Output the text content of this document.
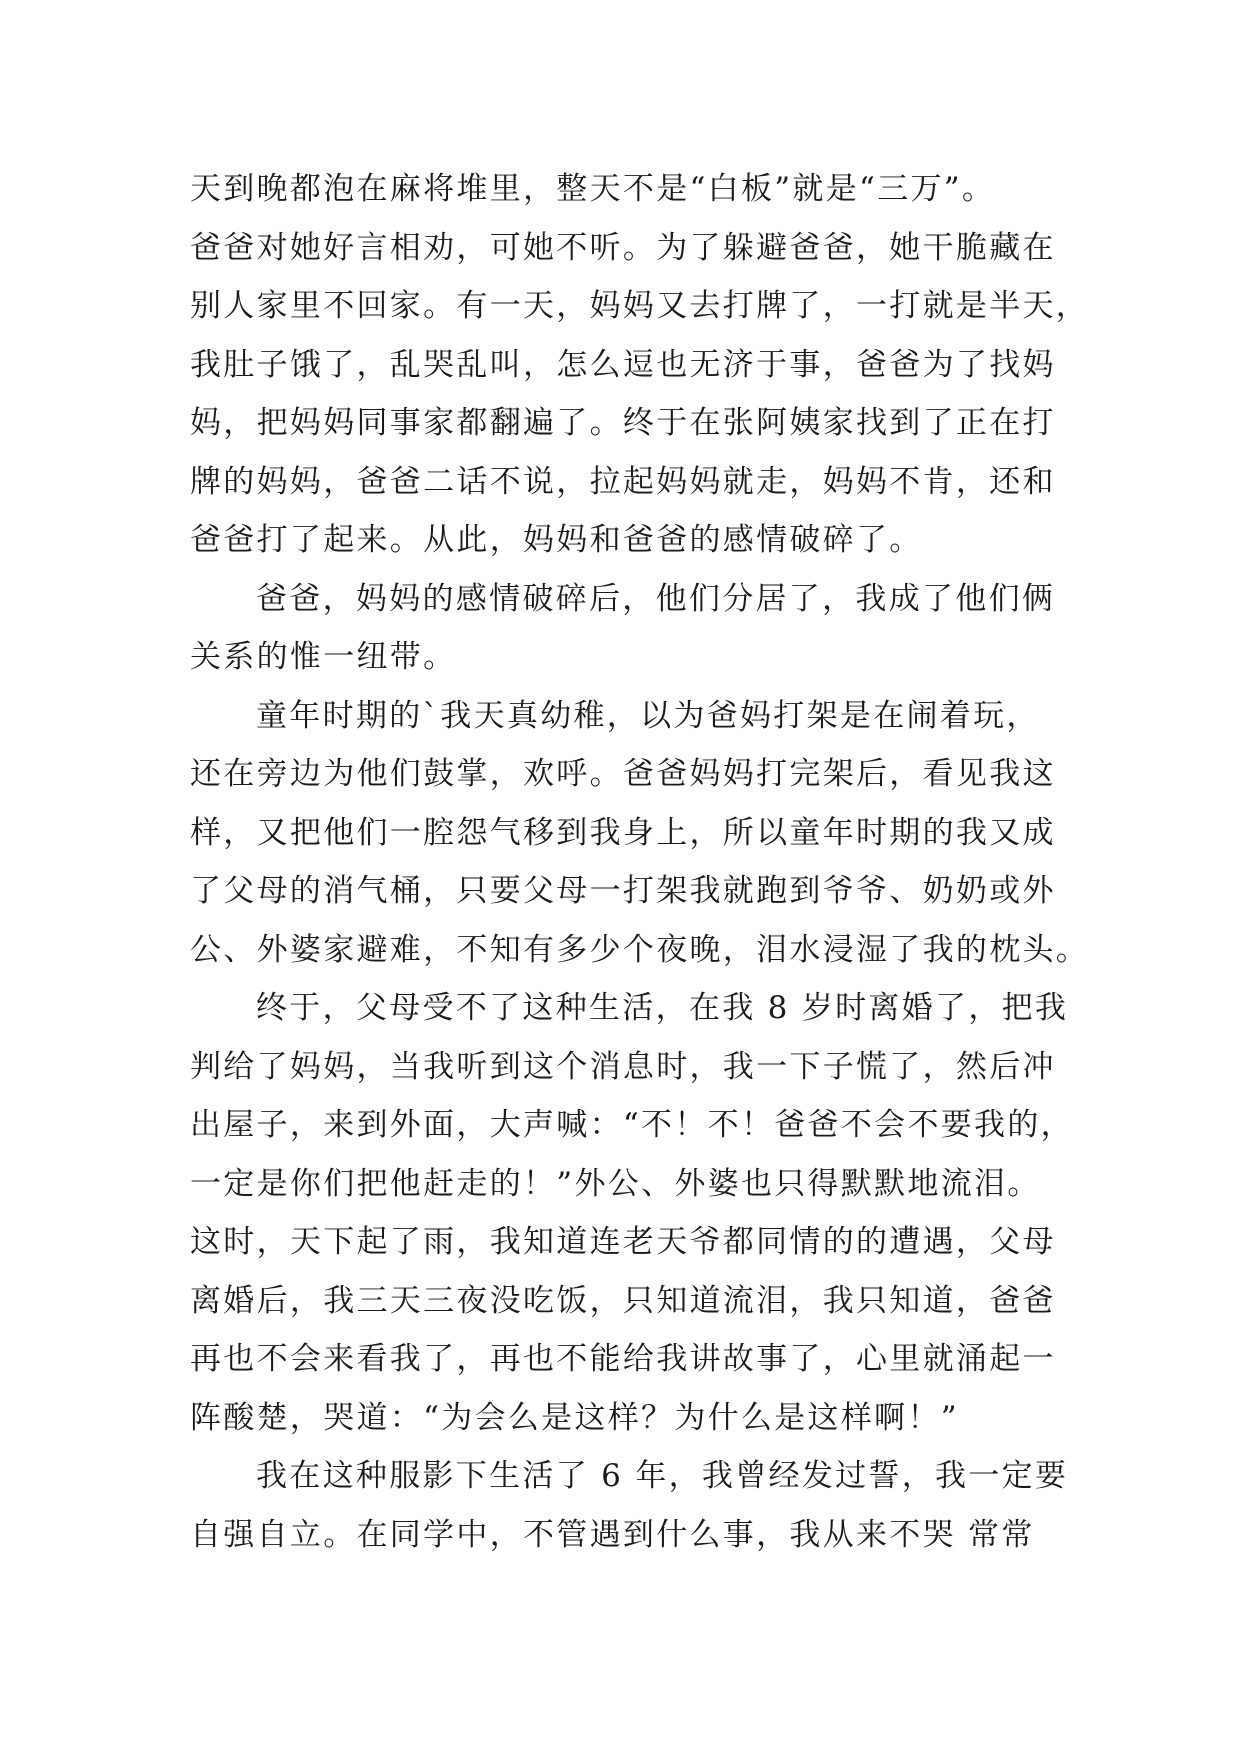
天到晚都泡在麻将堆里，整天不是“白板”就是“三万”。
爸爸对她好言相劝，可她不听。为了躲避爸爸，她干脆藏在
别人家里不回家。有一天，妈妈又去打牌了，一打就是半天，
我肚子饿了，乱哭乱叫，怎么逗也无济于事，爸爸为了找妈
妈，把妈妈同事家都翻遍了。终于在张阿姨家找到了正在打
牌的妈妈，爸爸二话不说，拉起妈妈就走，妈妈不肯，还和
爸爸打了起来。从此，妈妈和爸爸的感情破碎了。
爸爸，妈妈的感情破碎后，他们分居了，我成了他们俩
关系的惟一纽带。
童年时期的`我天真幼稚，以为爸妈打架是在闹着玩，
还在旁边为他们鼓掌，欢呼。爸爸妈妈打完架后，看见我这
样，又把他们一腔怨气移到我身上，所以童年时期的我又成
了父母的消气桶，只要父母一打架我就跑到爷爷、奶奶或外
公、外婆家避难，不知有多少个夜晚，泪水浸湿了我的枕头。
终于，父母受不了这种生活，在我 8 岁时离婚了，把我
判给了妈妈，当我听到这个消息时，我一下子慌了，然后冲
出屋子，来到外面，大声喊：“不！不！爸爸不会不要我的，
一定是你们把他赶走的！”外公、外婆也只得默默地流泪。
这时，天下起了雨，我知道连老天爷都同情的的遭遇，父母
离婚后，我三天三夜没吃饭，只知道流泪，我只知道，爸爸
再也不会来看我了，再也不能给我讲故事了，心里就涌起一
阵酸楚，哭道：“为会么是这样？为什么是这样啊！”
我在这种服影下生活了 6 年，我曾经发过誓，我一定要
自强自立。在同学中，不管遇到什么事，我从来不哭 常常
